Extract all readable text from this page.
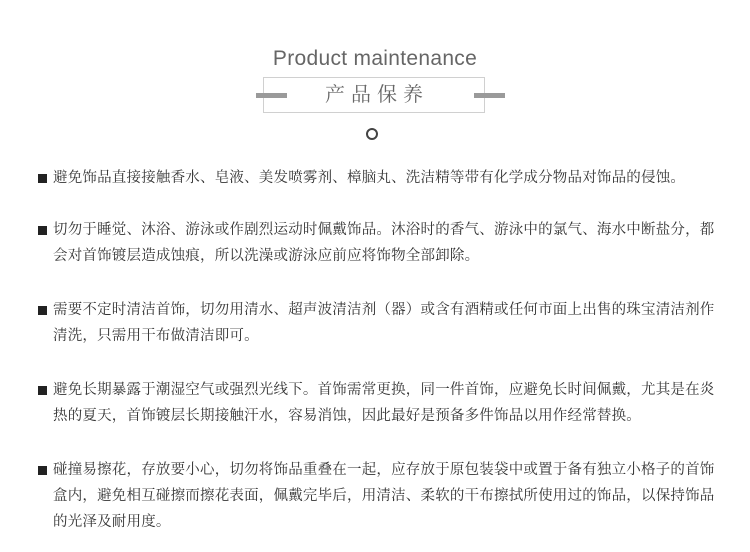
Product maintenance
产品保养
避免饰品直接接触香水、皂液、美发喷雾剂、樟脑丸、洗洁精等带有化学成分物品对饰品的侵蚀。
切勿于睡觉、沐浴、游泳或作剧烈运动时佩戴饰品。沐浴时的香气、游泳中的氯气、海水中断盐分，都会对首饰镀层造成蚀痕，所以洗澡或游泳应前应将饰物全部卸除。
需要不定时清洁首饰，切勿用清水、超声波清洁剂（器）或含有酒精或任何市面上出售的珠宝清洁剂作清洗，只需用干布做清洁即可。
避免长期暴露于潮湿空气或强烈光线下。首饰需常更换，同一件首饰，应避免长时间佩戴，尤其是在炎热的夏天，首饰镀层长期接触汗水，容易消蚀，因此最好是预备多件饰品以用作经常替换。
碰撞易擦花，存放要小心，切勿将饰品重叠在一起，应存放于原包装袋中或置于备有独立小格子的首饰盒内，避免相互碰擦而擦花表面，佩戴完毕后，用清洁、柔软的干布擦拭所使用过的饰品，以保持饰品的光泽及耐用度。
